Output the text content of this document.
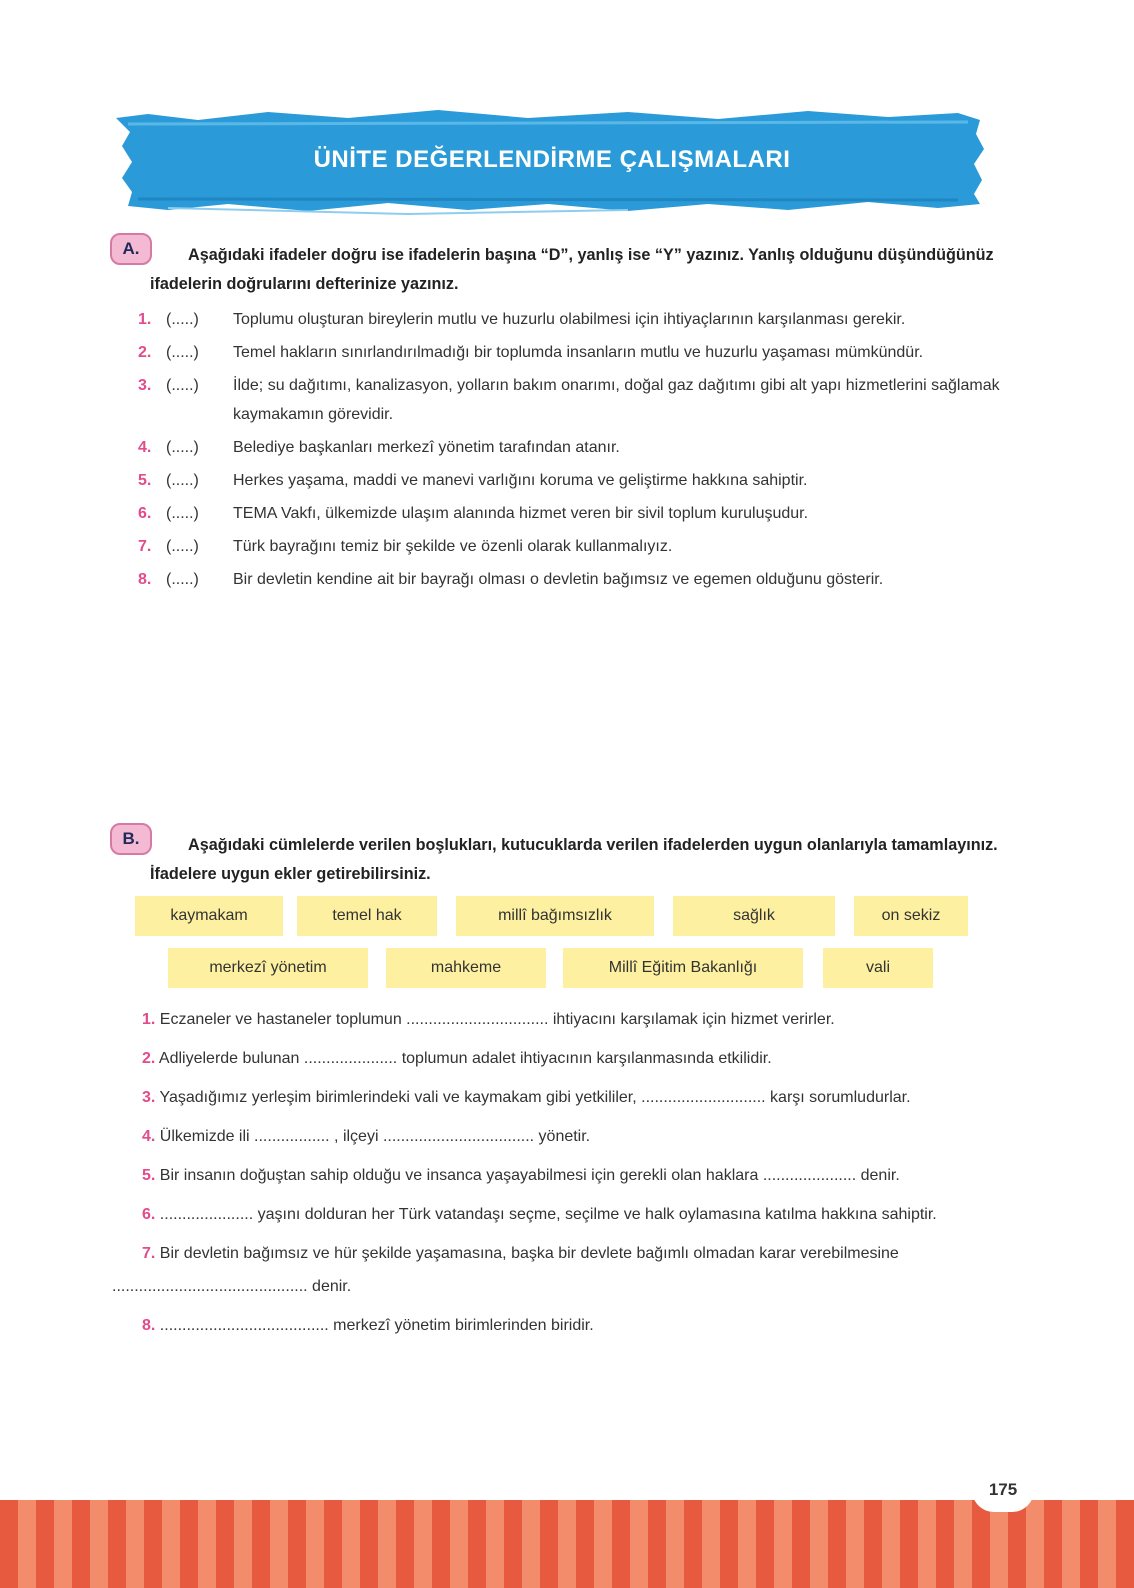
ÜNİTE DEĞERLENDİRME ÇALIŞMALARI
A.	Aşağıdaki ifadeler doğru ise ifadelerin başına “D”, yanlış ise “Y” yazınız. Yanlış olduğunu düşündüğünüz ifadelerin doğrularını defterinize yazınız.
1. (.....)	Toplumu oluşturan bireylerin mutlu ve huzurlu olabilmesi için ihtiyaçlarının karşılanması gerekir.
2. (.....)	Temel hakların sınırlandırılmadığı bir toplumda insanların mutlu ve huzurlu yaşaması mümkündür.
3. (.....)	İlde; su dağıtımı, kanalizasyon, yolların bakım onarımı, doğal gaz dağıtımı gibi alt yapı hizmetlerini sağlamak kaymakamın görevidir.
4. (.....)	Belediye başkanları merkezî yönetim tarafından atanır.
5. (.....)	Herkes yaşama, maddi ve manevi varlığını koruma ve geliştirme hakkına sahiptir.
6. (.....)	TEMA Vakfı, ülkemizde ulaşım alanında hizmet veren bir sivil toplum kuruluşudur.
7. (.....)	Türk bayrağını temiz bir şekilde ve özenli olarak kullanmalıyız.
8. (.....)	Bir devletin kendine ait bir bayrağı olması o devletin bağımsız ve egemen olduğunu gösterir.
B.	Aşağıdaki cümlelerde verilen boşlukları, kutucuklarda verilen ifadelerden uygun olanlarıyla tamamlayınız. İfadelere uygun ekler getirebilirsiniz.
kaymakam	temel hak	millî bağımsızlık	sağlık	on sekiz
merkezî yönetim	mahkeme	Millî Eğitim Bakanlığı	vali

1. Eczaneler ve hastaneler toplumun ................................ ihtiyacını karşılamak için hizmet verirler.

2. Adliyelerde bulunan ..................... toplumun adalet ihtiyacının karşılanmasında etkilidir.

3. Yaşadığımız yerleşim birimlerindeki vali ve kaymakam gibi yetkililer, ............................ karşı sorumludurlar.

4. Ülkemizde ili ................. , ilçeyi .................................. yönetir.

5. Bir insanın doğuştan sahip olduğu ve insanca yaşayabilmesi için gerekli olan haklara ..................... denir.

6. ..................... yaşını dolduran her Türk vatandaşı seçme, seçilme ve halk oylamasına katılma hakkına sahiptir.

7. Bir devletin bağımsız ve hür şekilde yaşamasına, başka bir devlete bağımlı olmadan karar verebilmesine ............................................ denir.

8. ...................................... merkezî yönetim birimlerinden biridir.

175
